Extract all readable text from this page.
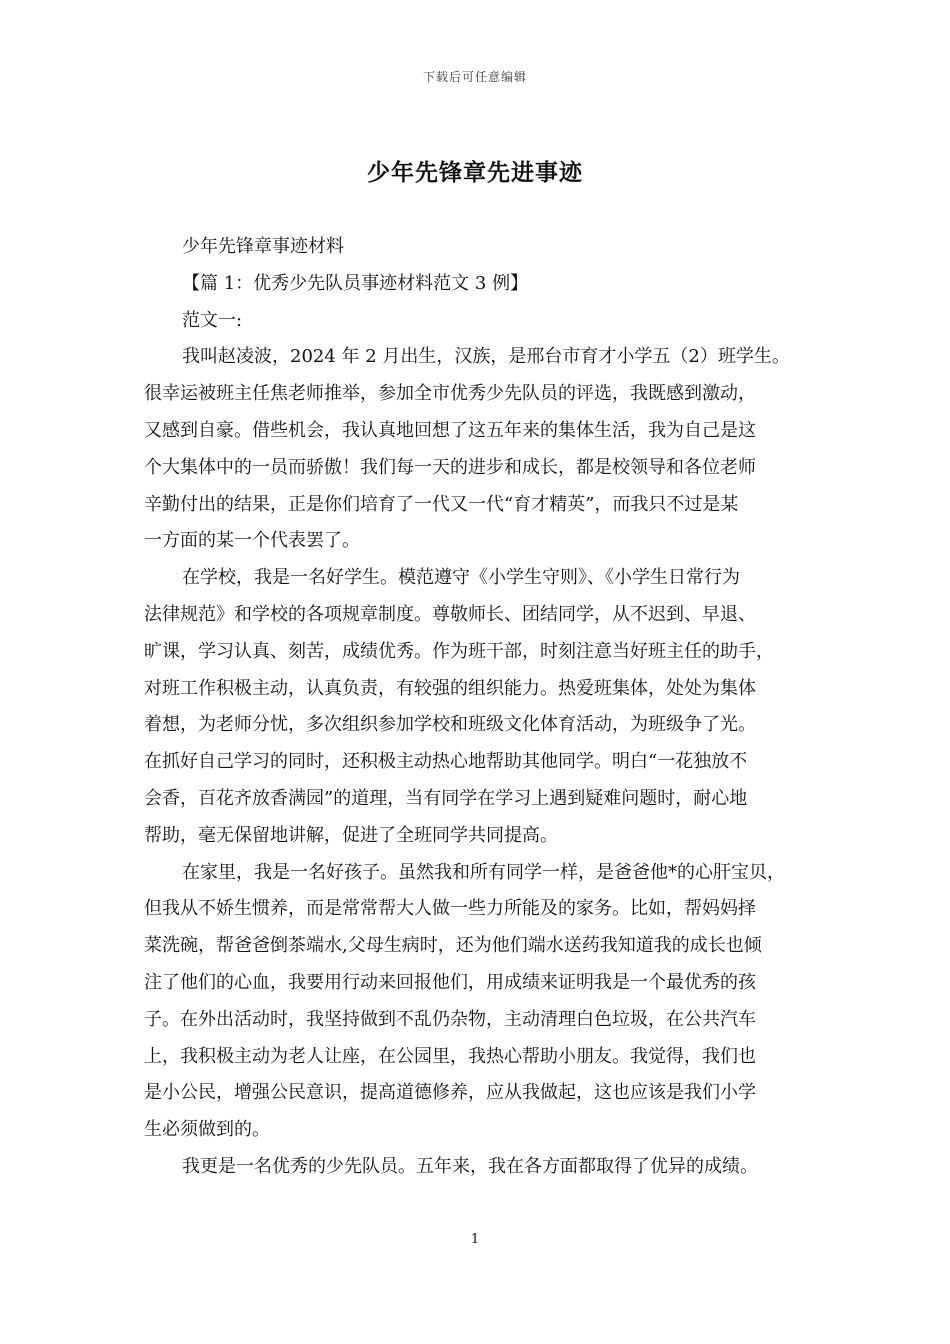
下载后可任意编辑
少年先锋章先进事迹
少年先锋章事迹材料
【篇 1：优秀少先队员事迹材料范文 3 例】
范文一:
我叫赵凌波，2024 年 2 月出生，汉族，是邢台市育才小学五（2）班学生。
很幸运被班主任焦老师推举，参加全市优秀少先队员的评选，我既感到激动，
又感到自豪。借些机会，我认真地回想了这五年来的集体生活，我为自己是这
个大集体中的一员而骄傲！我们每一天的进步和成长，都是校领导和各位老师
辛勤付出的结果，正是你们培育了一代又一代“育才精英”，而我只不过是某
一方面的某一个代表罢了。
在学校，我是一名好学生。模范遵守《小学生守则》、《小学生日常行为
法律规范》和学校的各项规章制度。尊敬师长、团结同学，从不迟到、早退、
旷课，学习认真、刻苦，成绩优秀。作为班干部，时刻注意当好班主任的助手，
对班工作积极主动，认真负责，有较强的组织能力。热爱班集体，处处为集体
着想，为老师分忧，多次组织参加学校和班级文化体育活动，为班级争了光。
在抓好自己学习的同时，还积极主动热心地帮助其他同学。明白“一花独放不
会香，百花齐放香满园”的道理，当有同学在学习上遇到疑难问题时，耐心地
帮助，毫无保留地讲解，促进了全班同学共同提高。
在家里，我是一名好孩子。虽然我和所有同学一样，是爸爸他*的心肝宝贝，
但我从不娇生惯养，而是常常帮大人做一些力所能及的家务。比如，帮妈妈择
菜洗碗，帮爸爸倒茶端水,父母生病时，还为他们端水送药我知道我的成长也倾
注了他们的心血，我要用行动来回报他们，用成绩来证明我是一个最优秀的孩
子。在外出活动时，我坚持做到不乱仍杂物，主动清理白色垃圾，在公共汽车
上，我积极主动为老人让座，在公园里，我热心帮助小朋友。我觉得，我们也
是小公民，增强公民意识，提高道德修养，应从我做起，这也应该是我们小学
生必须做到的。
我更是一名优秀的少先队员。五年来，我在各方面都取得了优异的成绩。
1
